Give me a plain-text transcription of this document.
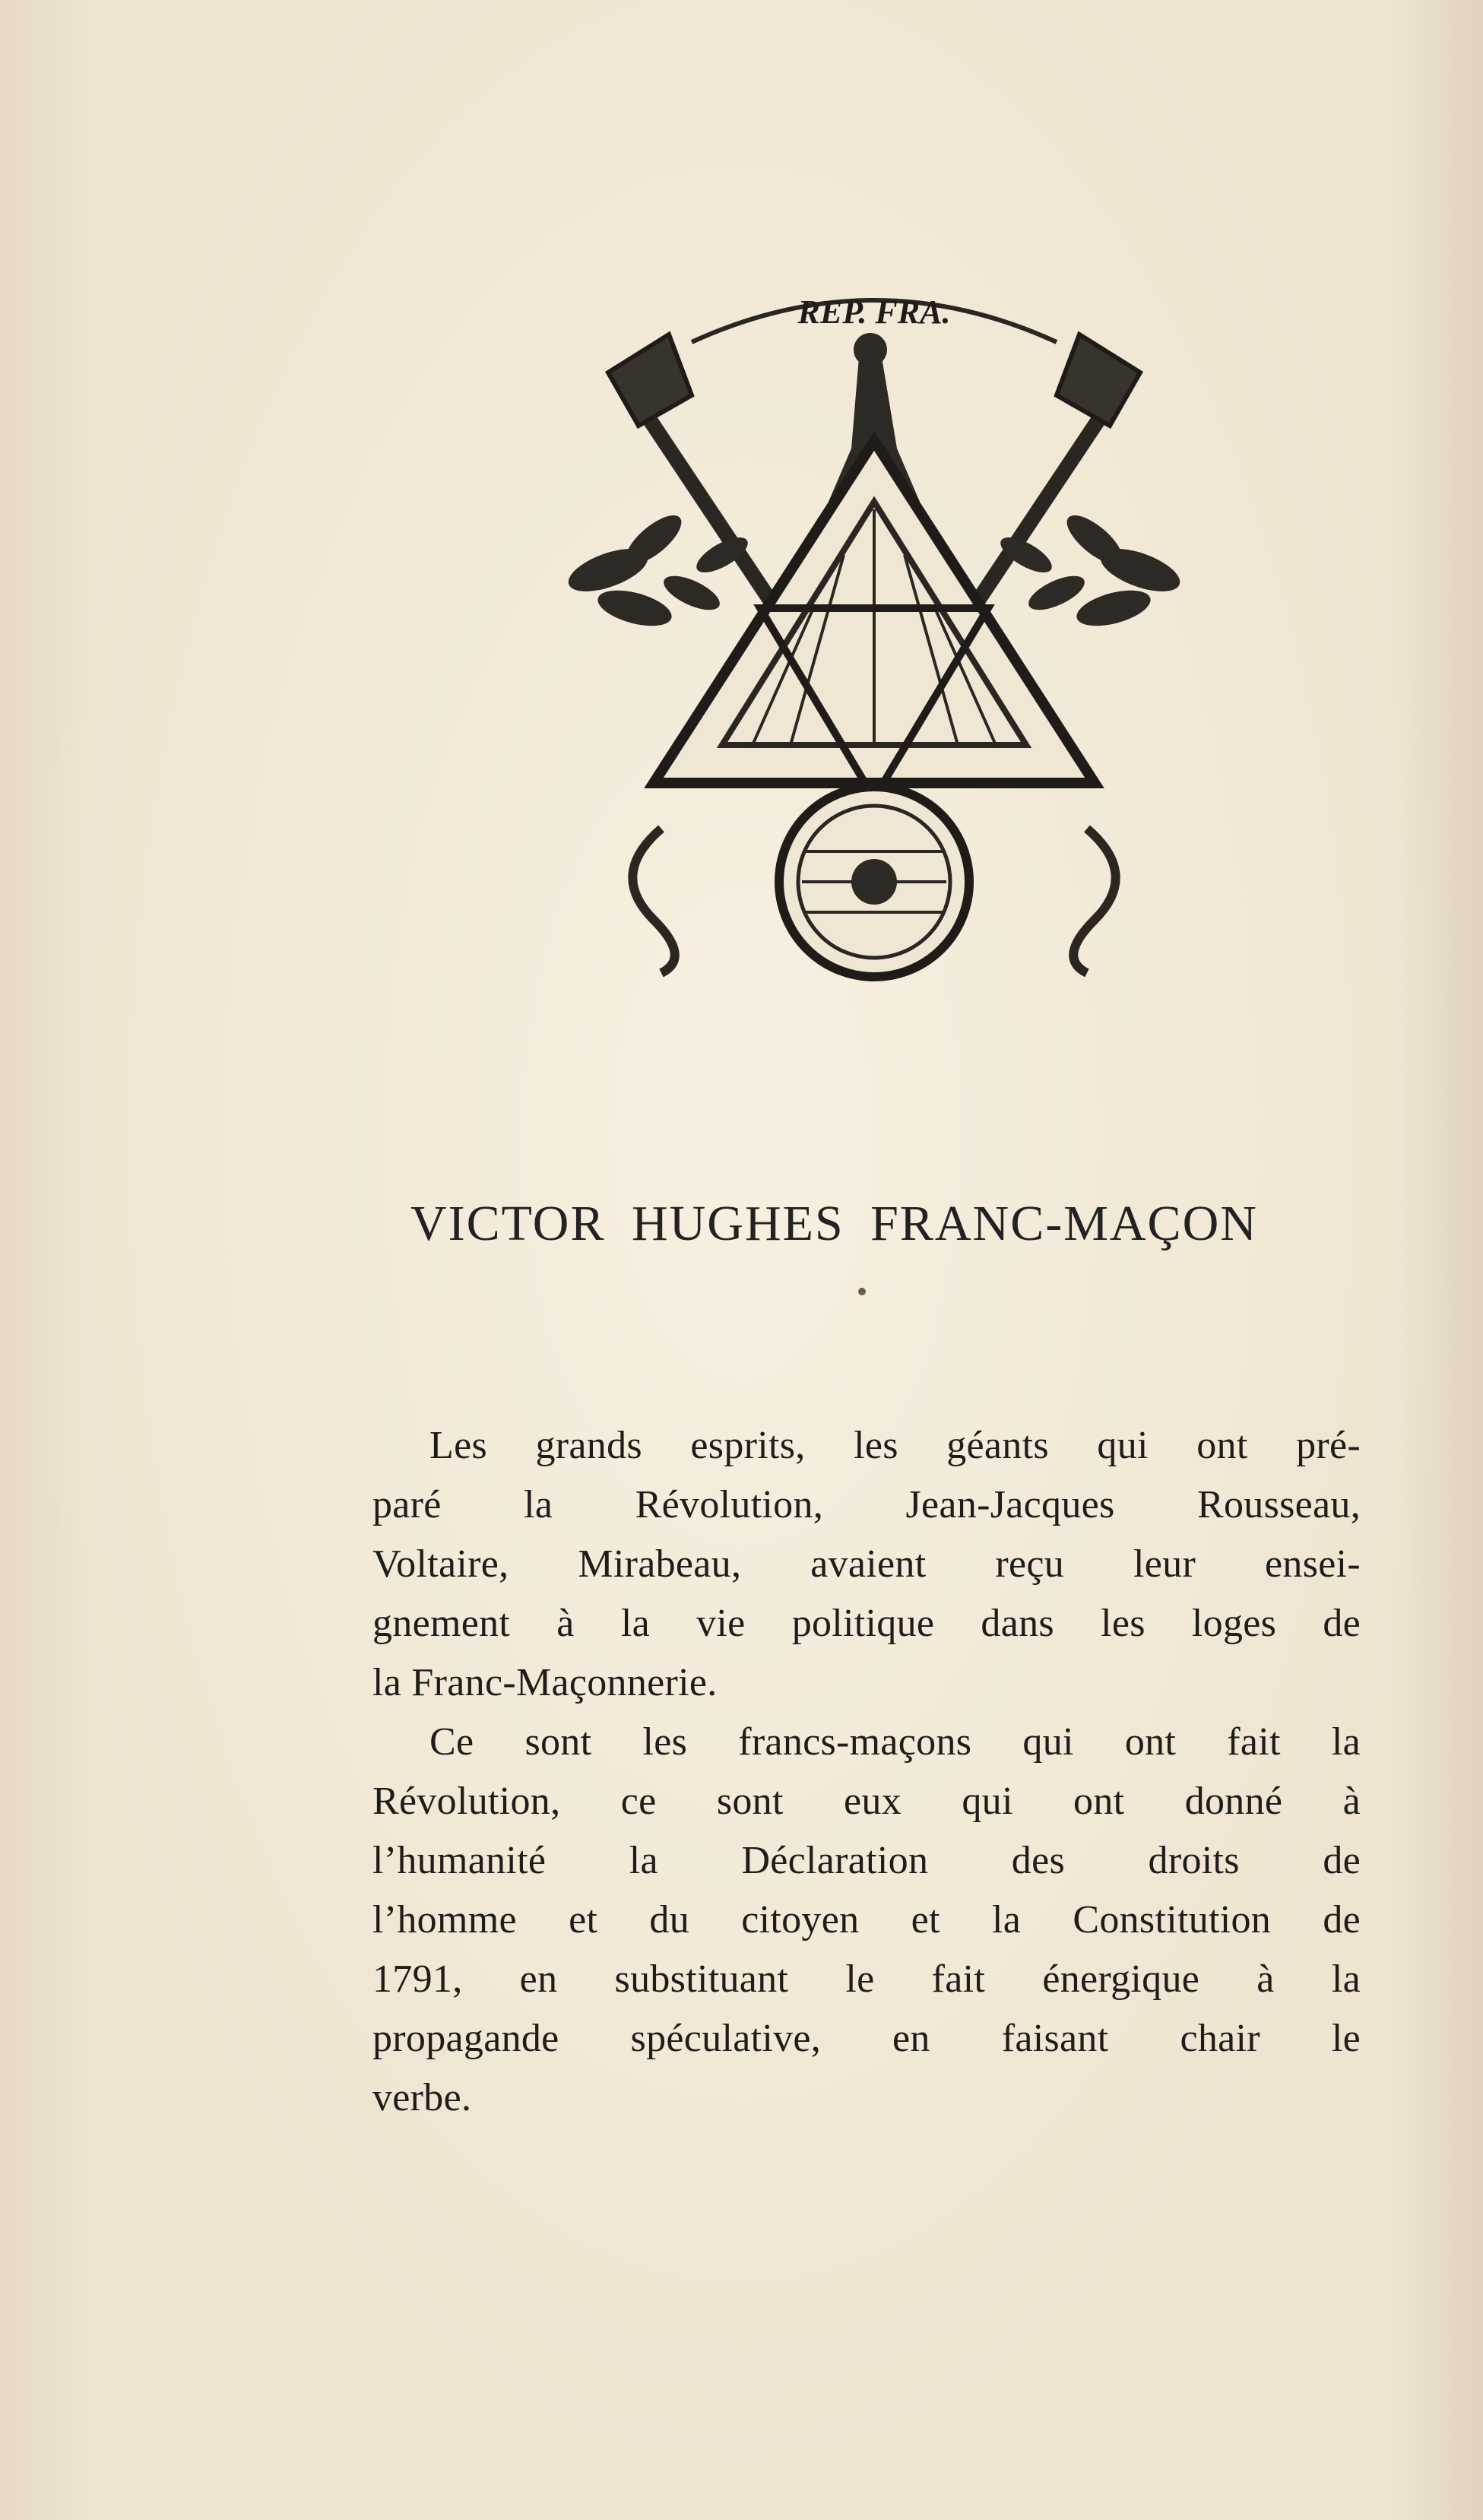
REP. FRA.
VICTOR HUGHES FRANC-MAÇON

Les grands esprits, les géants qui ont pré-
paré la Révolution, Jean-Jacques Rousseau,
Voltaire, Mirabeau, avaient reçu leur ensei-
gnement à la vie politique dans les loges de
la Franc-Maçonnerie.

Ce sont les francs-maçons qui ont fait la
Révolution, ce sont eux qui ont donné à
l’humanité la Déclaration des droits de
l’homme et du citoyen et la Constitution de
1791, en substituant le fait énergique à la
propagande spéculative, en faisant chair le
verbe.
